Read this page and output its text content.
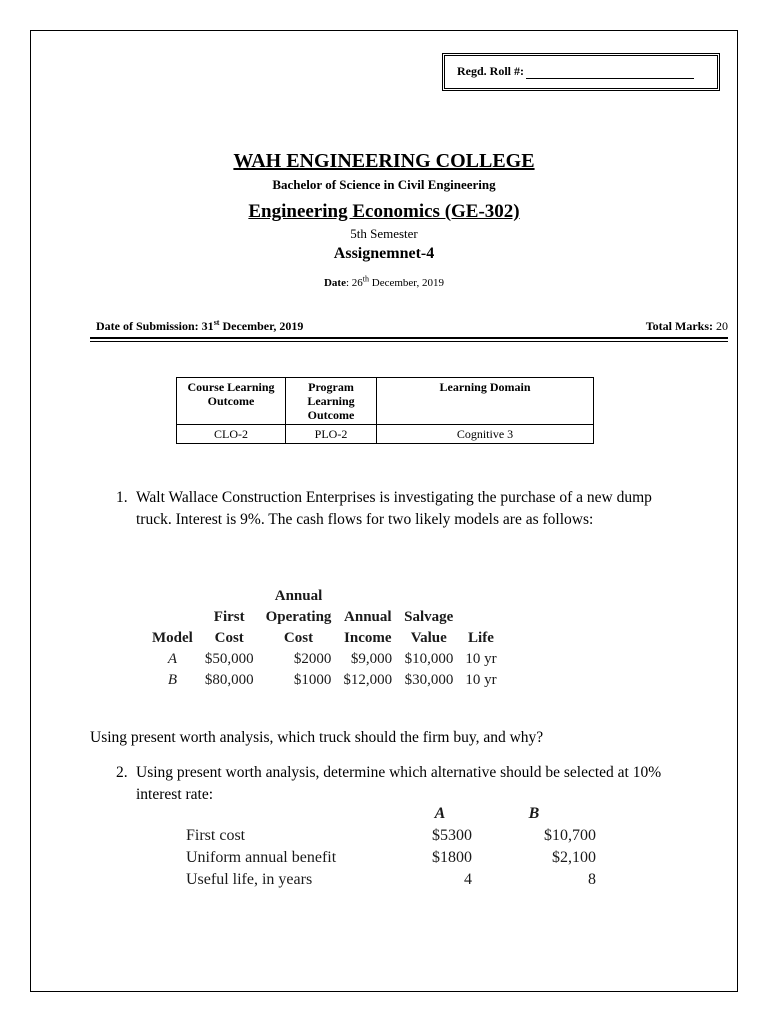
Regd. Roll #:
WAH ENGINEERING COLLEGE
Bachelor of Science in Civil Engineering
Engineering Economics (GE-302)
5th Semester
Assignemnet-4
Date: 26th December, 2019
Date of Submission: 31st December, 2019	Total Marks: 20
Course Learning Outcome	Program Learning Outcome	Learning Domain
CLO-2	PLO-2	Cognitive 3
1. Walt Wallace Construction Enterprises is investigating the purchase of a new dump truck. Interest is 9%. The cash flows for two likely models are as follows:
		Annual			
	First	Operating	Annual	Salvage	
Model	Cost	Cost	Income	Value	Life
A	$50,000	$2000	$9,000	$10,000	10 yr
B	$80,000	$1000	$12,000	$30,000	10 yr
Using present worth analysis, which truck should the firm buy, and why?
2. Using present worth analysis, determine which alternative should be selected at 10% interest rate:
	A	B
First cost	$5300	$10,700
Uniform annual benefit	$1800	$2,100
Useful life, in years	4	8
